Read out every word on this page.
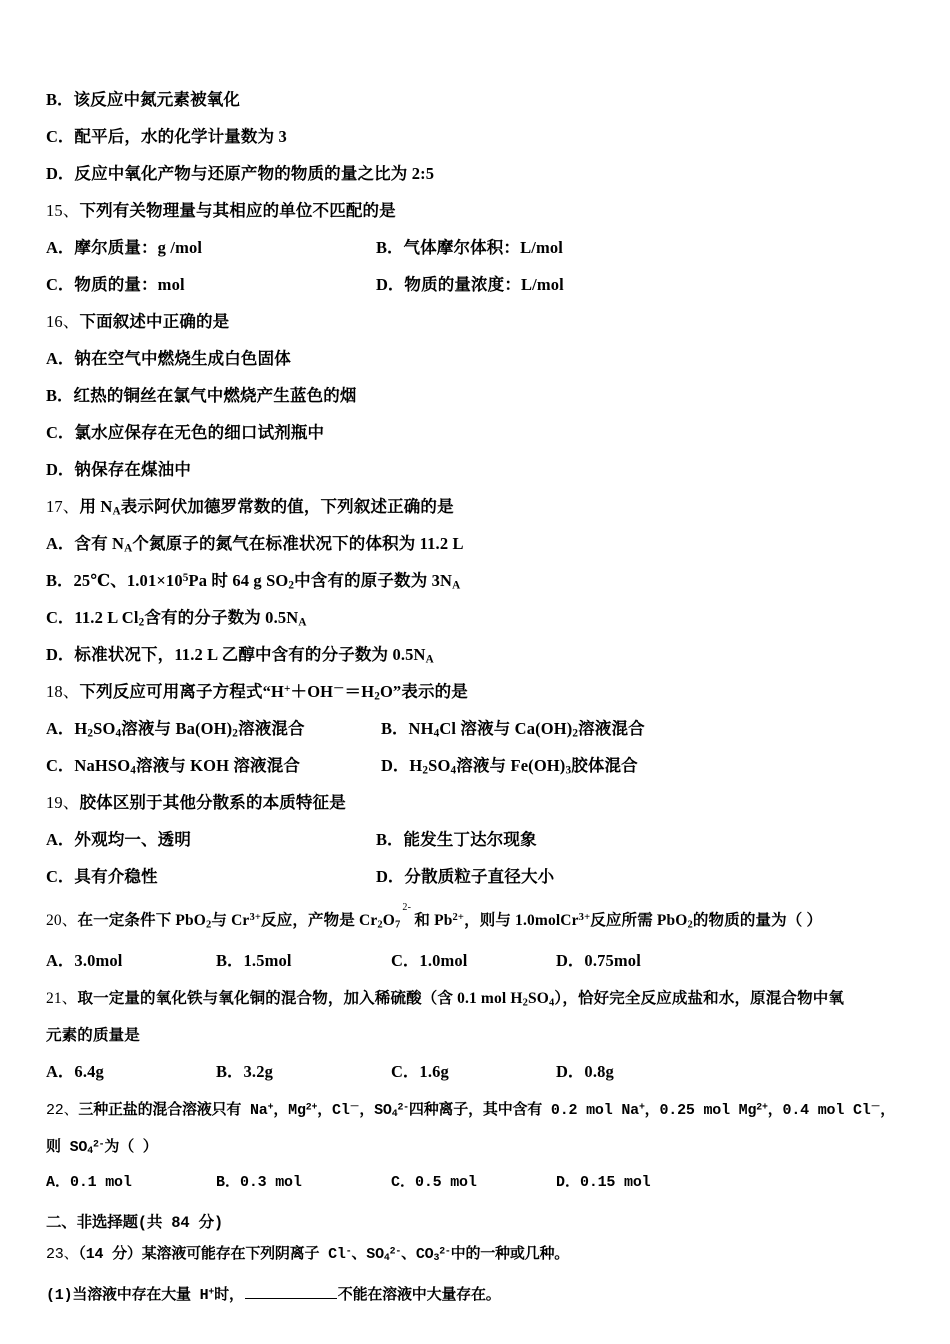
B．该反应中氮元素被氧化
C．配平后，水的化学计量数为 3
D．反应中氧化产物与还原产物的物质的量之比为 2:5
15、下列有关物理量与其相应的单位不匹配的是
A．摩尔质量：g /mol	B．气体摩尔体积：L/mol
C．物质的量：mol	D．物质的量浓度：L/mol
16、下面叙述中正确的是
A．钠在空气中燃烧生成白色固体
B．红热的铜丝在氯气中燃烧产生蓝色的烟
C．氯水应保存在无色的细口试剂瓶中
D．钠保存在煤油中
17、用 $N_A$表示阿伏加德罗常数的值，下列叙述正确的是
A．含有 $N_A$个氮原子的氮气在标准状况下的体积为 11.2 L
B．25℃、$1.01\times 10^5Pa$ 时 64 g $SO_2$中含有的原子数为 $3N_A$
C．11.2 L $Cl_2$含有的分子数为 $0.5N_A$
D．标准状况下，11.2 L 乙醇中含有的分子数为 $0.5N_A$
18、下列反应可用离子方程式“$H^++OH^-=H_2O$”表示的是
A．$H_2SO_4$溶液与 $Ba(OH)_2$溶液混合	B．$NH_4Cl$ 溶液与 $Ca(OH)_2$溶液混合
C．NaHSO$_4$溶液与 KOH 溶液混合	D．$H_2SO_4$溶液与 $Fe(OH)_3$胶体混合
19、胶体区别于其他分散系的本质特征是
A．外观均一、透明	B．能发生丁达尔现象
C．具有介稳性	D．分散质粒子直径大小
20、在一定条件下 PbO$_2$与 $Cr^{3+}$反应，产物是 $Cr_2O_7$
2-
和 $Pb^{2+}$，则与 1.0molCr$^{3+}$反应所需 PbO$_2$的物质的量为（ ）
A．3.0mol	B．1.5mol	C．1.0mol	D．0.75mol
21、取一定量的氧化铁与氧化铜的混合物，加入稀硫酸（含 0.1 mol $H_2SO_4$），恰好完全反应成盐和水，原混合物中氧
元素的质量是
A．6.4g	B．3.2g	C．1.6g	D．0.8g
22、三种正盐的混合溶液只有 Na+，$Mg^{2+}$，Cl－，$SO_4^{2-}$四种离子，其中含有 0.2 mol Na+，0.25 mol $Mg^{2+}$，0.4 mol Cl－，
则 $SO_4^{2-}$为（ ）
A．0.1 mol	B．0.3 mol	C．0.5 mol	D．0.15 mol
二、非选择题(共 84 分)
23、（14 分）某溶液可能存在下列阴离子 Cl-、$SO_4^{2-}$、$CO_3^{2-}$中的一种或几种。
(1)当溶液中存在大量 H+时，	不能在溶液中大量存在。
